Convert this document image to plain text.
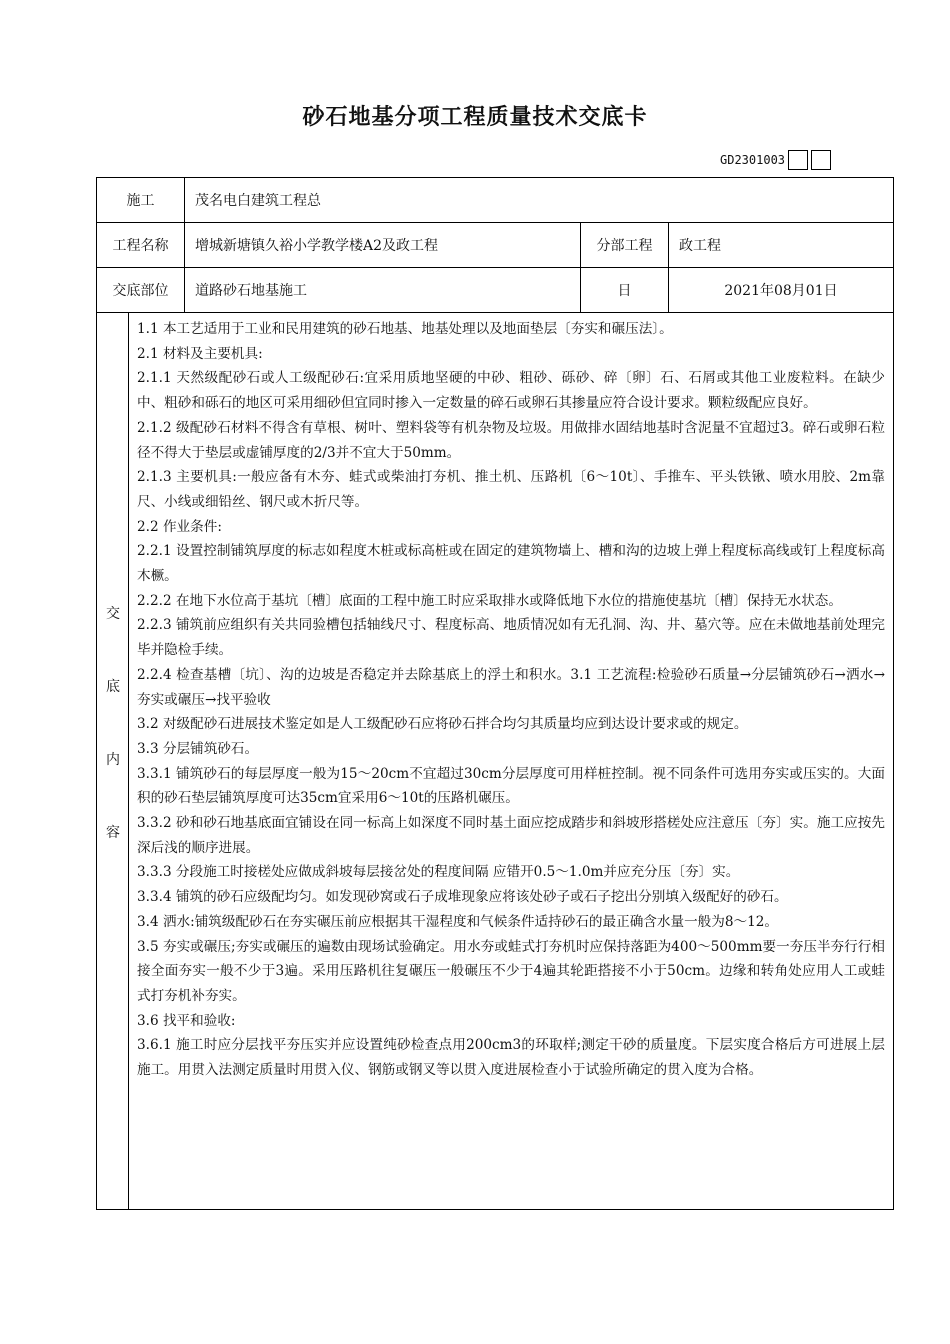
砂石地基分项工程质量技术交底卡
GD2301003
施工	茂名电白建筑工程总
工程名称	增城新塘镇久裕小学教学楼A2及政工程	分部工程	政工程
交底部位	道路砂石地基施工	日	2021年08月01日
交
底
内
容

1.1 本工艺适用于工业和民用建筑的砂石地基、地基处理以及地面垫层〔夯实和碾压法〕。

2.1 材料及主要机具:

2.1.1 天然级配砂石或人工级配砂石:宜采用质地坚硬的中砂、粗砂、砾砂、碎〔卵〕石、石屑或其他工业废粒料。在缺少中、粗砂和砾石的地区可采用细砂但宜同时掺入一定数量的碎石或卵石其掺量应符合设计要求。颗粒级配应良好。

2.1.2 级配砂石材料不得含有草根、树叶、塑料袋等有机杂物及垃圾。用做排水固结地基时含泥量不宜超过3。碎石或卵石粒径不得大于垫层或虚铺厚度的2/3并不宜大于50mm。

2.1.3 主要机具:一般应备有木夯、蛙式或柴油打夯机、推土机、压路机〔6～10t〕、手推车、平头铁锹、喷水用胶、2m靠尺、小线或细铅丝、钢尺或木折尺等。

2.2 作业条件:

2.2.1 设置控制铺筑厚度的标志如程度木桩或标高桩或在固定的建筑物墙上、槽和沟的边坡上弹上程度标高线或钉上程度标高木橛。

2.2.2 在地下水位高于基坑〔槽〕底面的工程中施工时应采取排水或降低地下水位的措施使基坑〔槽〕保持无水状态。

2.2.3 铺筑前应组织有关共同验槽包括轴线尺寸、程度标高、地质情况如有无孔洞、沟、井、墓穴等。应在未做地基前处理完毕并隐检手续。

2.2.4 检查基槽〔坑〕、沟的边坡是否稳定并去除基底上的浮土和积水。3.1 工艺流程:检验砂石质量→分层铺筑砂石→洒水→夯实或碾压→找平验收

3.2 对级配砂石进展技术鉴定如是人工级配砂石应将砂石拌合均匀其质量均应到达设计要求或的规定。

3.3 分层铺筑砂石。

3.3.1 铺筑砂石的每层厚度一般为15～20cm不宜超过30cm分层厚度可用样桩控制。视不同条件可选用夯实或压实的。大面积的砂石垫层铺筑厚度可达35cm宜采用6～10t的压路机碾压。

3.3.2 砂和砂石地基底面宜铺设在同一标高上如深度不同时基土面应挖成踏步和斜坡形搭槎处应注意压〔夯〕实。施工应按先深后浅的顺序进展。

3.3.3 分段施工时接槎处应做成斜坡每层接岔处的程度间隔 应错开0.5～1.0m并应充分压〔夯〕实。

3.3.4 铺筑的砂石应级配均匀。如发现砂窝或石子成堆现象应将该处砂子或石子挖出分别填入级配好的砂石。

3.4 洒水:铺筑级配砂石在夯实碾压前应根据其干湿程度和气候条件适持砂石的最正确含水量一般为8～12。

3.5 夯实或碾压;夯实或碾压的遍数由现场试验确定。用水夯或蛙式打夯机时应保持落距为400～500mm要一夯压半夯行行相接全面夯实一般不少于3遍。采用压路机往复碾压一般碾压不少于4遍其轮距搭接不小于50cm。边缘和转角处应用人工或蛙式打夯机补夯实。

3.6 找平和验收:

3.6.1 施工时应分层找平夯压实并应设置纯砂检查点用200cm3的环取样;测定干砂的质量度。下层实度合格后方可进展上层施工。用贯入法测定质量时用贯入仪、钢筋或钢叉等以贯入度进展检查小于试验所确定的贯入度为合格。
